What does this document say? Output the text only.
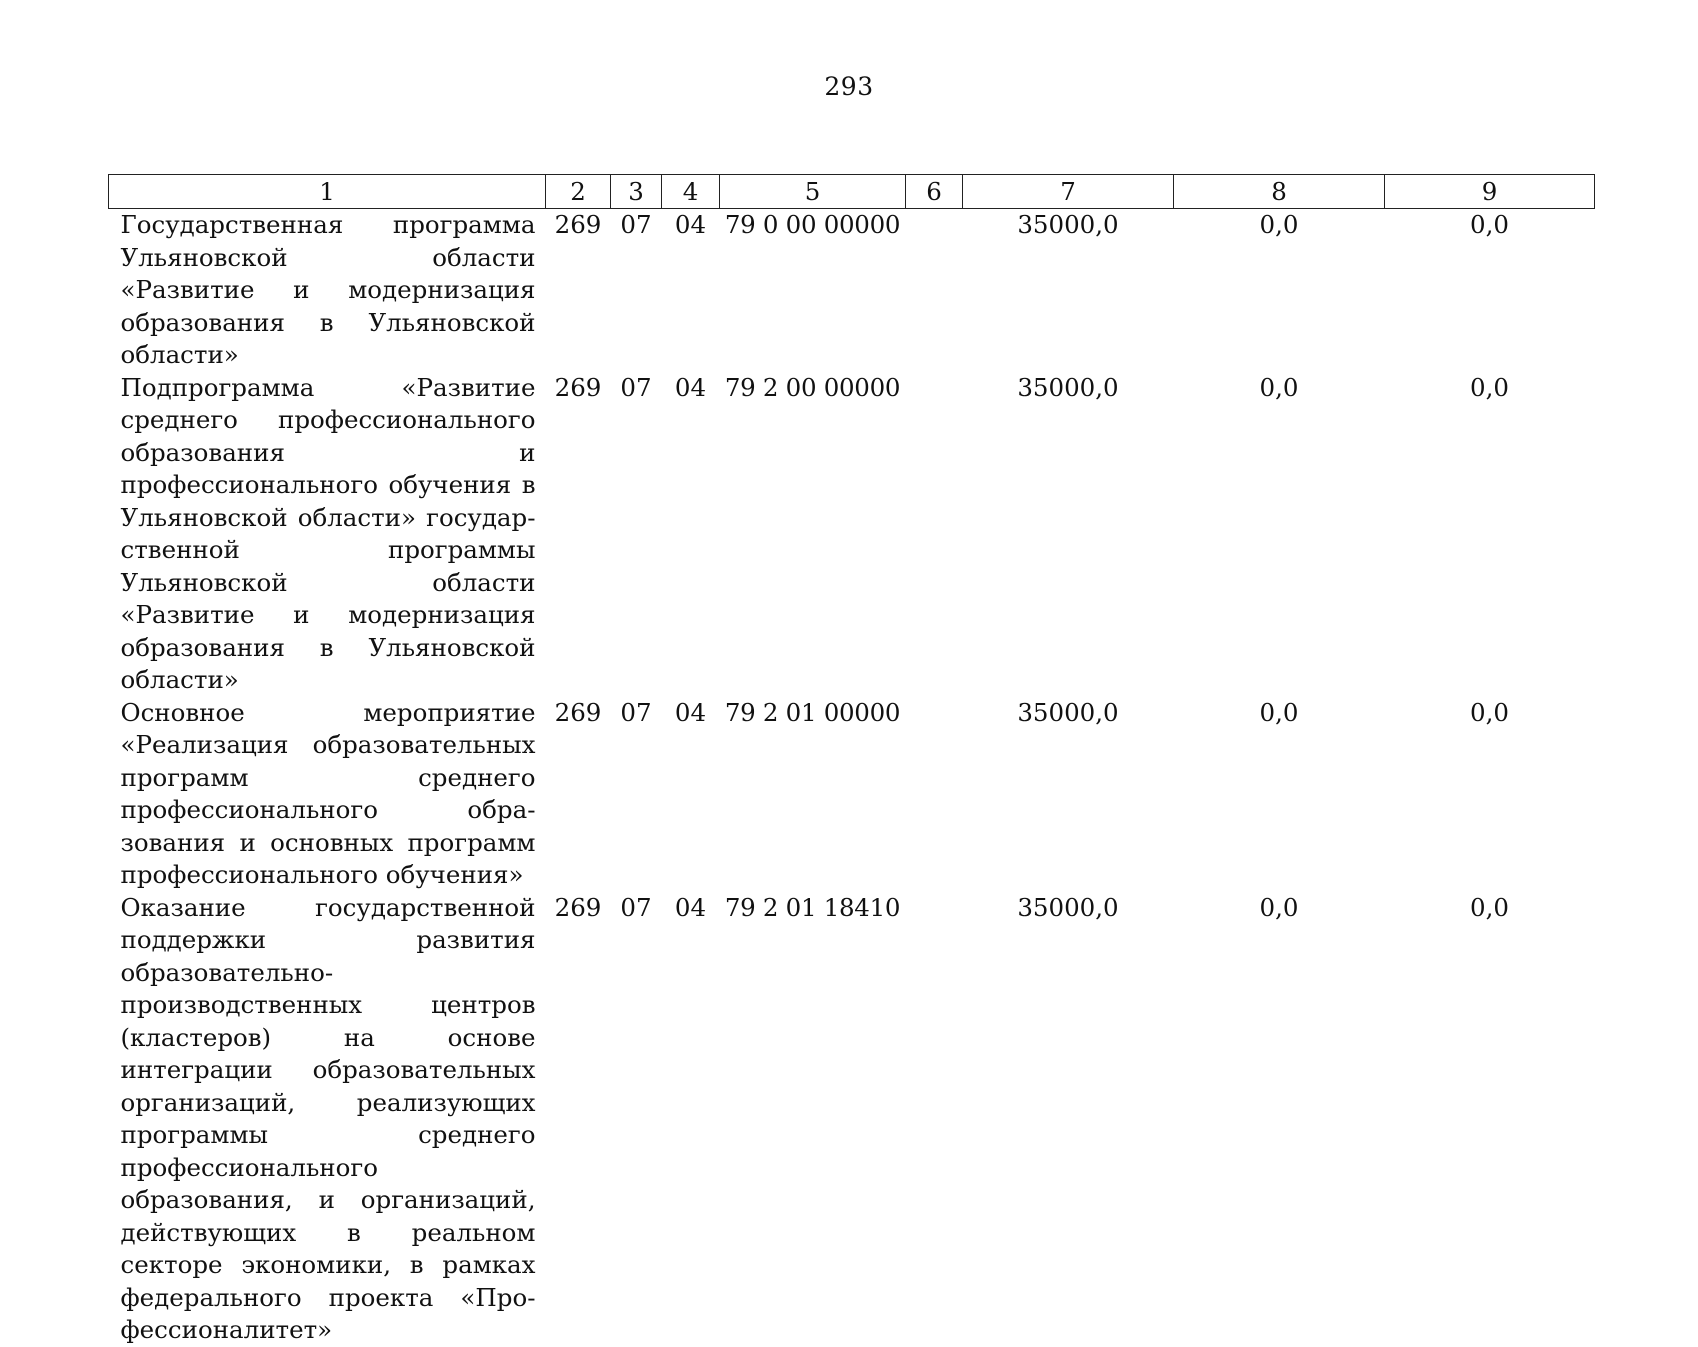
293
1	2	3	4	5	6	7	8	9
Государственная программа Ульяновской области «Развитие и модернизация образования в Ульяновской области»	269	07	04	79 0 00 00000		35000,0	0,0	0,0
Подпрограмма «Развитие среднего профессионального образования и профессионального обучения в Ульяновской области» государственной программы Ульяновской области «Развитие и модернизация образования в Ульяновской области»	269	07	04	79 2 00 00000		35000,0	0,0	0,0
Основное мероприятие «Реализация образовательных программ среднего профессионального образования и основных программ профессионального обучения»	269	07	04	79 2 01 00000		35000,0	0,0	0,0
Оказание государственной поддержки развития образовательно-производственных центров (кластеров) на основе интеграции образовательных организаций, реализующих программы среднего профессионального образования, и организаций, действующих в реальном секторе экономики, в рамках федерального проекта «Профессионалитет»	269	07	04	79 2 01 18410		35000,0	0,0	0,0
